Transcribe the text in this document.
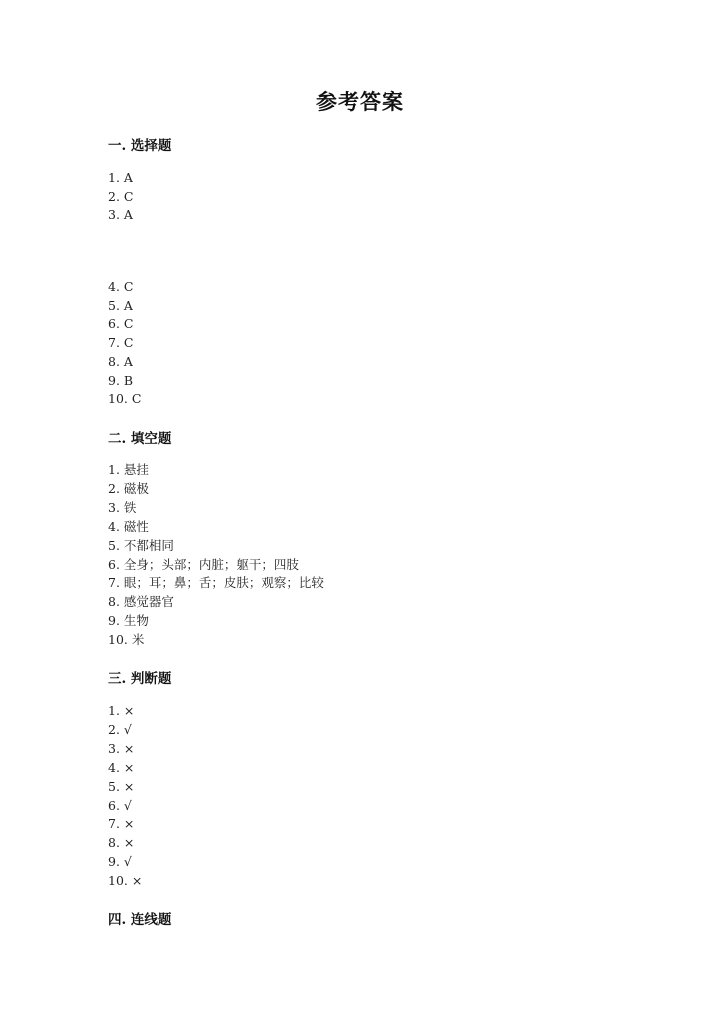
参考答案
一. 选择题
1. A
2. C
3. A
4. C
5. A
6. C
7. C
8. A
9. B
10. C
二. 填空题
1. 悬挂
2. 磁极
3. 铁
4. 磁性
5. 不都相同
6. 全身；头部；内脏；躯干；四肢
7. 眼；耳；鼻；舌；皮肤；观察；比较
8. 感觉器官
9. 生物
10. 米
三. 判断题
1. ×
2. √
3. ×
4. ×
5. ×
6. √
7. ×
8. ×
9. √
10. ×
四. 连线题
